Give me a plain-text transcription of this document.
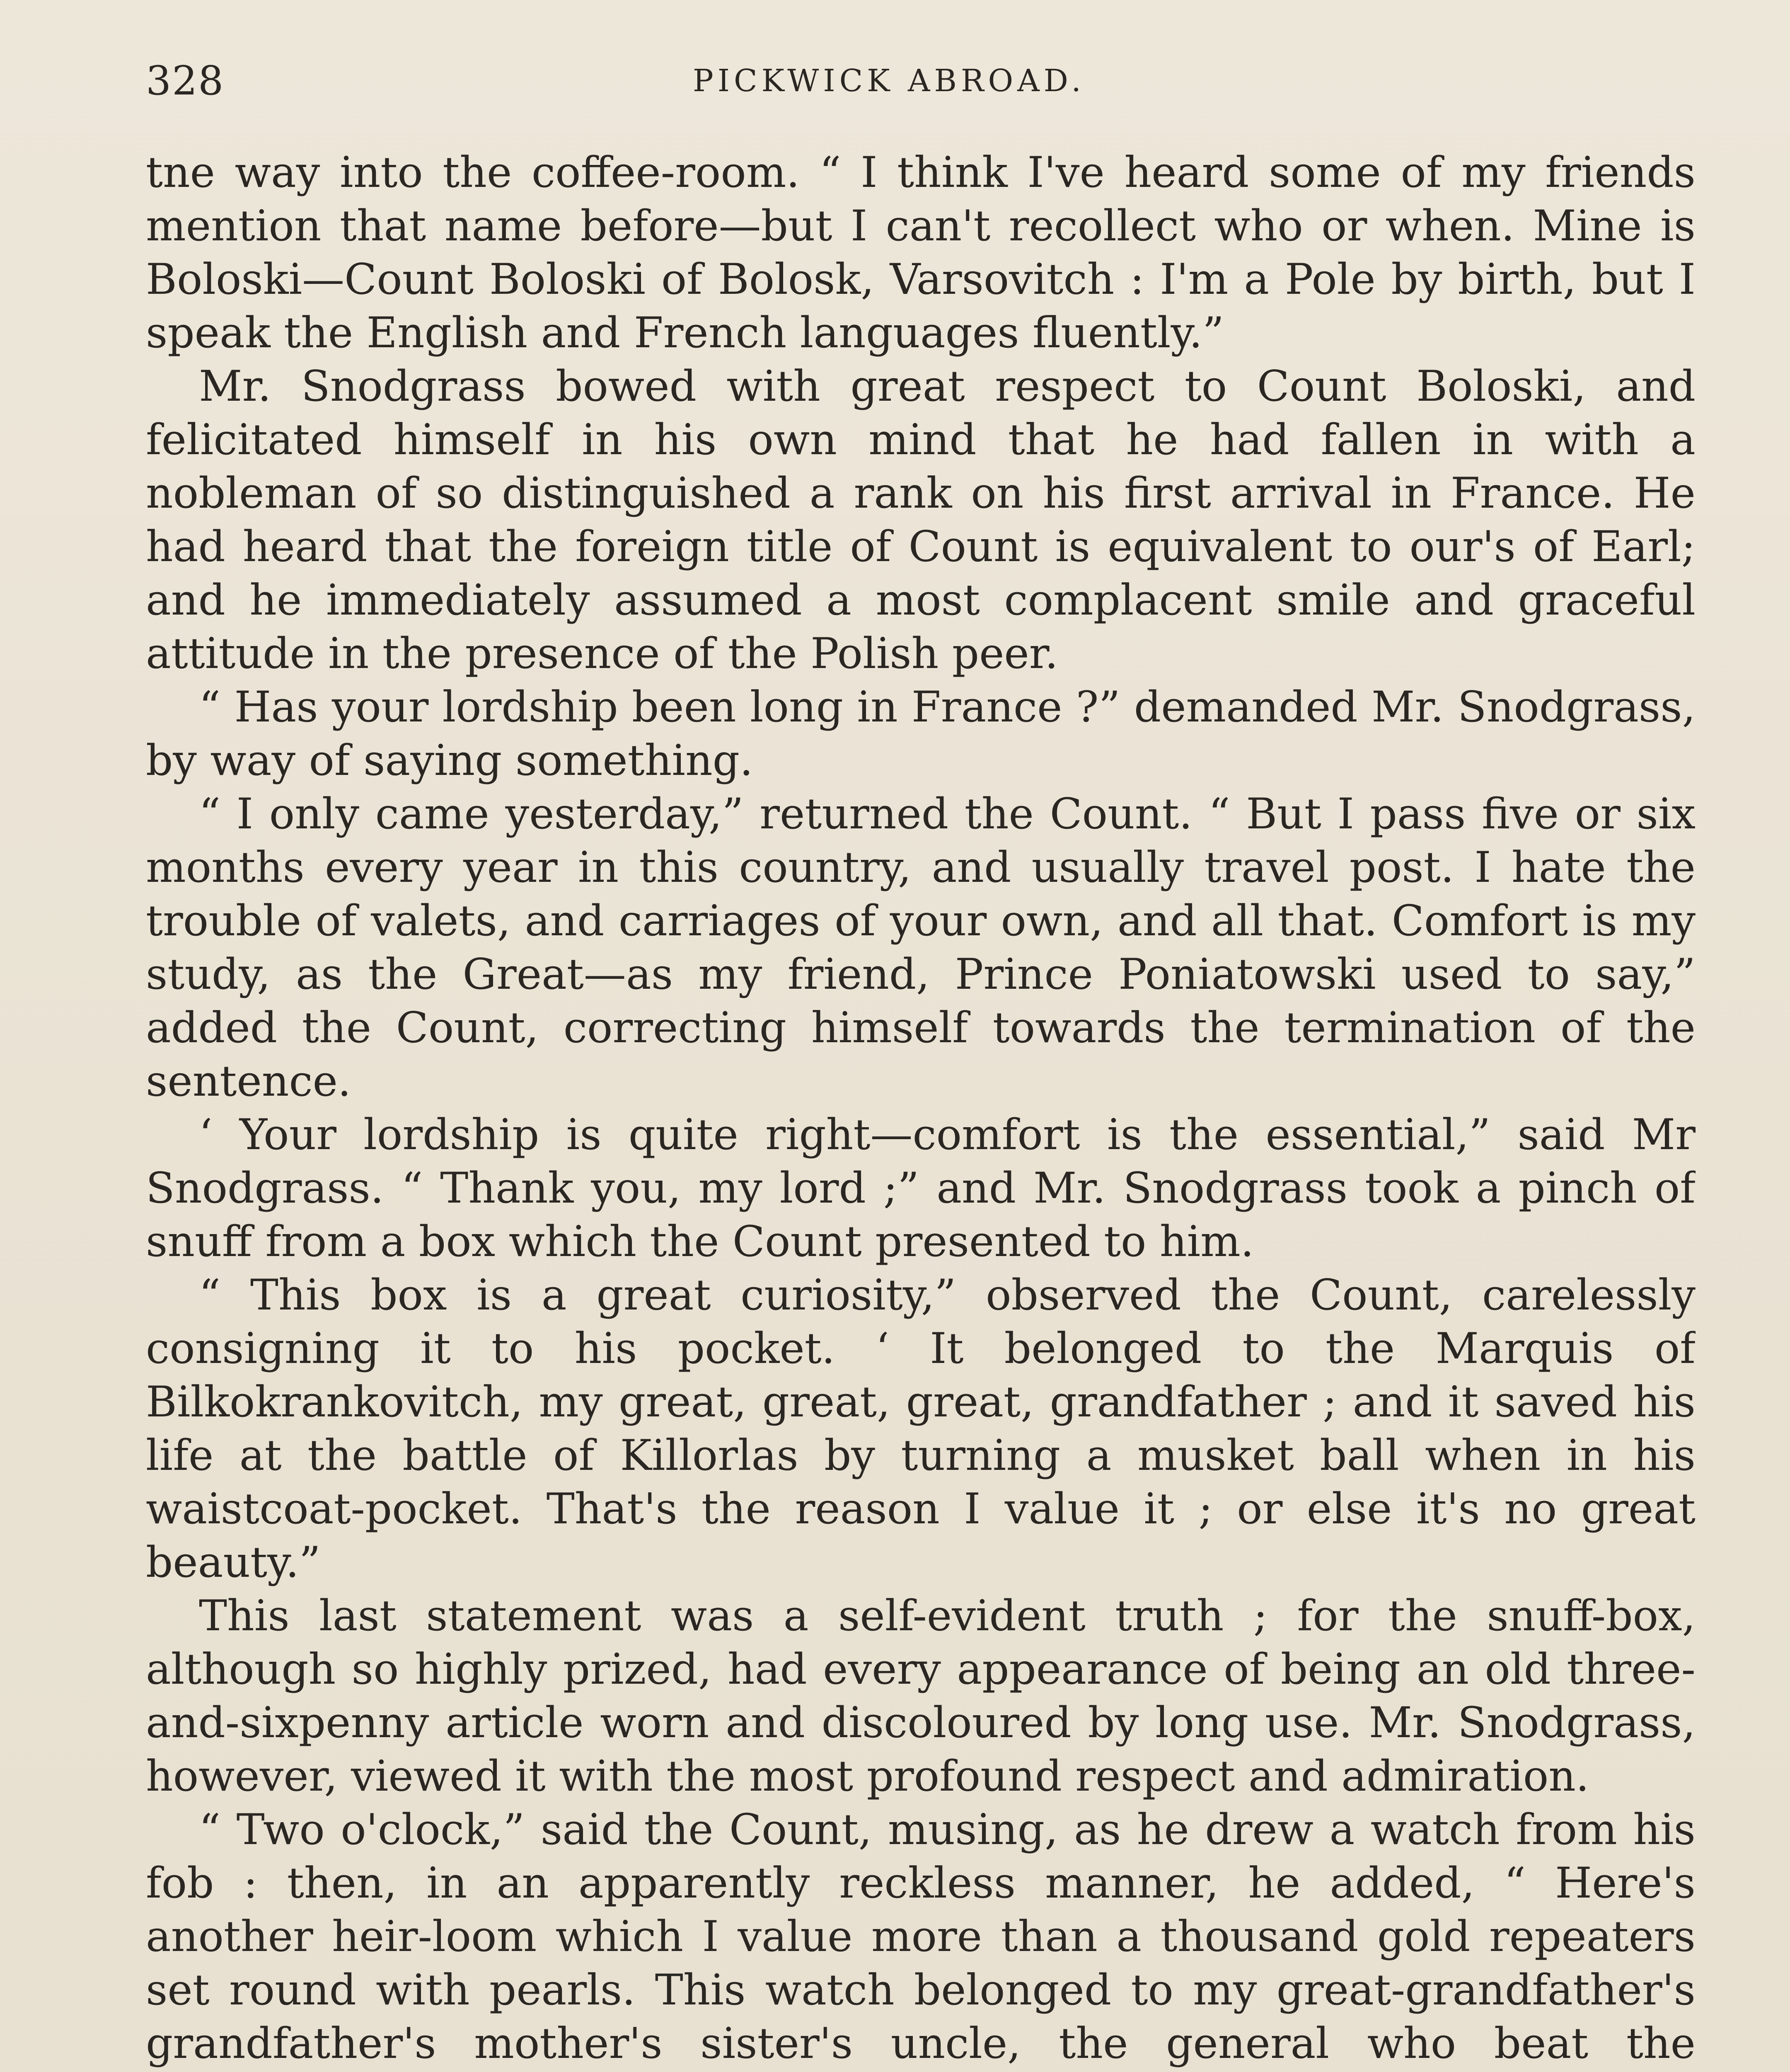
328	PICKWICK ABROAD.

tne way into the coffee-room. “ I think I've heard some of my friends mention that name before—but I can't recollect who or when. Mine is Boloski—Count Boloski of Bolosk, Varsovitch : I'm a Pole by birth, but I speak the English and French languages fluently.”

Mr. Snodgrass bowed with great respect to Count Boloski, and felicitated himself in his own mind that he had fallen in with a nobleman of so distinguished a rank on his first arrival in France. He had heard that the foreign title of Count is equivalent to our's of Earl; and he immediately assumed a most complacent smile and graceful attitude in the presence of the Polish peer.

“ Has your lordship been long in France ?” demanded Mr. Snodgrass, by way of saying something.

“ I only came yesterday,” returned the Count. “ But I pass five or six months every year in this country, and usually travel post. I hate the trouble of valets, and carriages of your own, and all that. Comfort is my study, as the Great—as my friend, Prince Poniatowski used to say,” added the Count, correcting himself towards the termination of the sentence.

‘ Your lordship is quite right—comfort is the essential,” said Mr Snodgrass. “ Thank you, my lord ;” and Mr. Snodgrass took a pinch of snuff from a box which the Count presented to him.

“ This box is a great curiosity,” observed the Count, carelessly consigning it to his pocket. ‘ It belonged to the Marquis of Bilkokrankovitch, my great, great, great, grandfather ; and it saved his life at the battle of Killorlas by turning a musket ball when in his waistcoat-pocket. That's the reason I value it ; or else it's no great beauty.”

This last statement was a self-evident truth ; for the snuff-box, although so highly prized, had every appearance of being an old three-and-sixpenny article worn and discoloured by long use. Mr. Snodgrass, however, viewed it with the most profound respect and admiration.

“ Two o'clock,” said the Count, musing, as he drew a watch from his fob : then, in an apparently reckless manner, he added, “ Here's another heir-loom which I value more than a thousand gold repeaters set round with pearls. This watch belonged to my great-grandfather's grandfather's mother's sister's uncle, the general who beat the
